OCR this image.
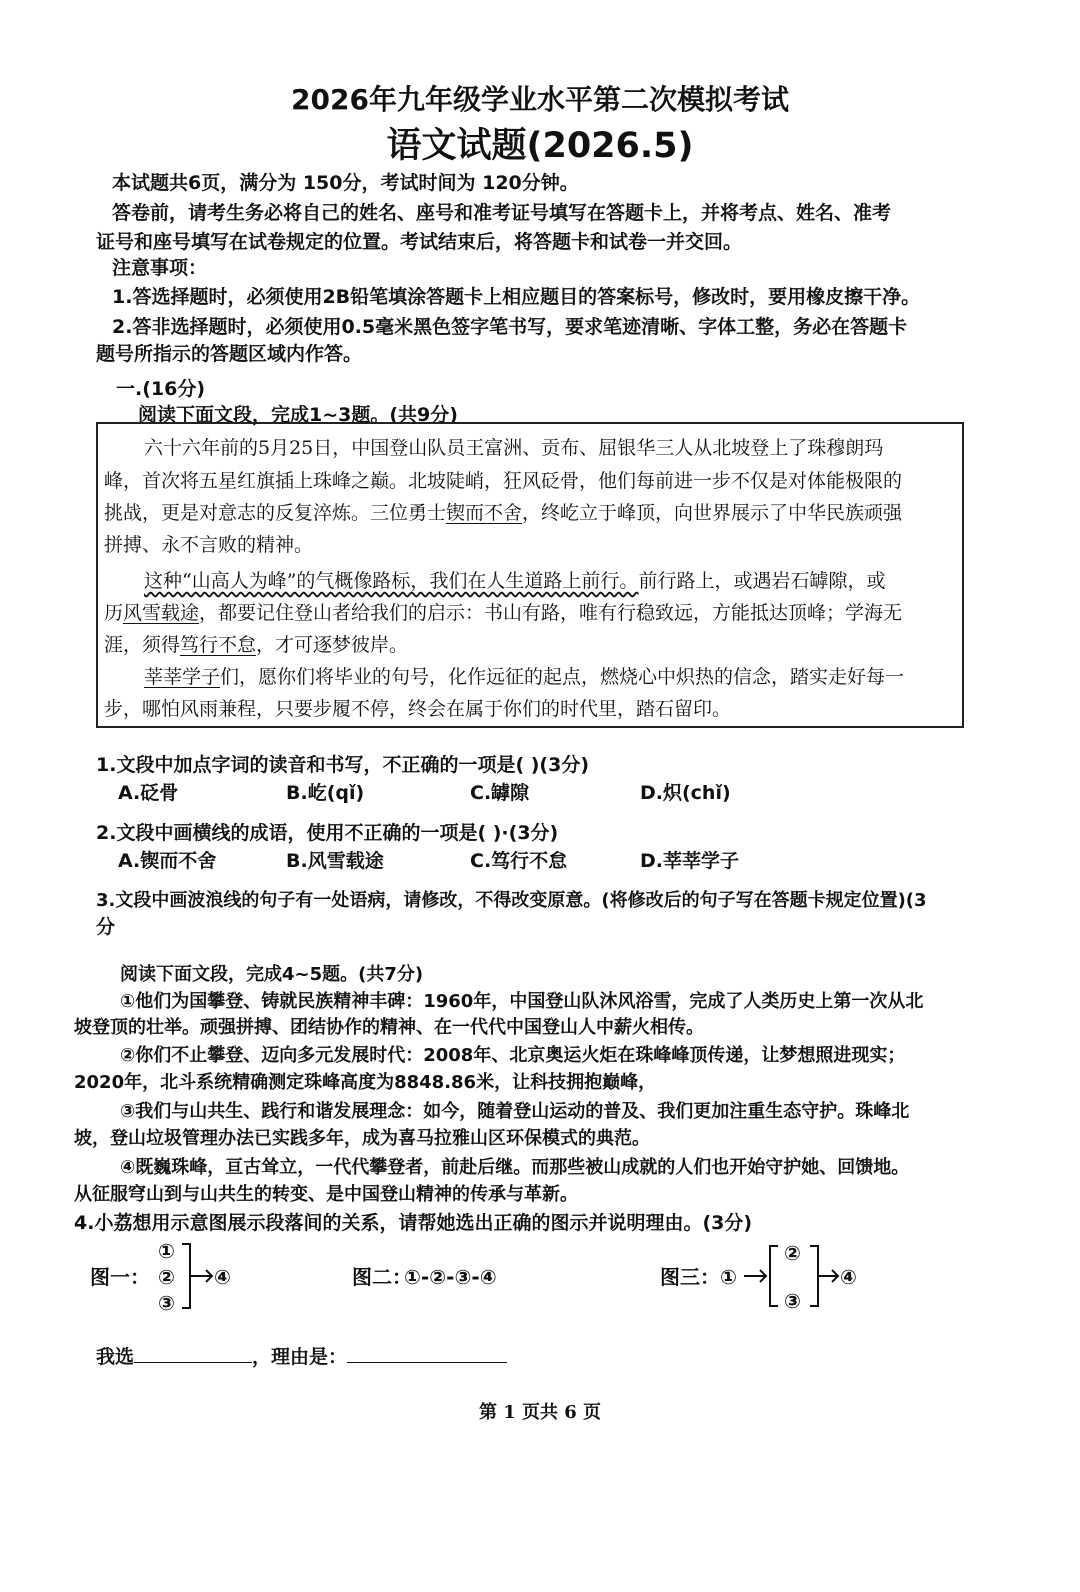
2026年九年级学业水平第二次模拟考试
语文试题(2026.5)
本试题共6页，满分为 150分，考试时间为 120分钟。
答卷前，请考生务必将自己的姓名、座号和准考证号填写在答题卡上，并将考点、姓名、准考
证号和座号填写在试卷规定的位置。考试结束后，将答题卡和试卷一并交回。
注意事项：
1.答选择题时，必须使用2B铅笔填涂答题卡上相应题目的答案标号，修改时，要用橡皮擦干净。
2.答非选择题时，必须使用0.5毫米黑色签字笔书写，要求笔迹清晰、字体工整，务必在答题卡
题号所指示的答题区域内作答。
一.(16分)
阅读下面文段，完成1~3题。(共9分)
六十六年前的5月25日，中国登山队员王富洲、贡布、屈银华三人从北坡登上了珠穆朗玛
峰，首次将五星红旗插上珠峰之巅。北坡陡峭，狂风砭骨，他们每前进一步不仅是对体能极限的
挑战，更是对意志的反复淬炼。三位勇士锲而不舍，终屹立于峰顶，向世界展示了中华民族顽强
拼搏、永不言败的精神。
这种“山高人为峰”的气概像路标，我们在人生道路上前行。前行路上，或遇岩石罅隙，或
历风雪载途，都要记住登山者给我们的启示：书山有路，唯有行稳致远，方能抵达顶峰；学海无
涯，须得笃行不怠，才可逐梦彼岸。
莘莘学子们，愿你们将毕业的句号，化作远征的起点，燃烧心中炽热的信念，踏实走好每一
步，哪怕风雨兼程，只要步履不停，终会在属于你们的时代里，踏石留印。
1.文段中加点字词的读音和书写，不正确的一项是( )(3分)
A.砭骨	B.屹(qǐ)	C.罅隙	D.炽(chǐ)
2.文段中画横线的成语，使用不正确的一项是( )·(3分)
A.锲而不舍	B.风雪载途	C.笃行不怠	D.莘莘学子
3.文段中画波浪线的句子有一处语病，请修改，不得改变原意。(将修改后的句子写在答题卡规定位置)(3
分
阅读下面文段，完成4~5题。(共7分)
①他们为国攀登、铸就民族精神丰碑：1960年，中国登山队沐风浴雪，完成了人类历史上第一次从北
坡登顶的壮举。顽强拼搏、团结协作的精神、在一代代中国登山人中薪火相传。
②你们不止攀登、迈向多元发展时代：2008年、北京奥运火炬在珠峰峰顶传递，让梦想照进现实；
2020年，北斗系统精确测定珠峰高度为8848.86米，让科技拥抱巅峰，
③我们与山共生、践行和谐发展理念：如今，随着登山运动的普及、我们更加注重生态守护。珠峰北
坡，登山垃圾管理办法已实践多年，成为喜马拉雅山区环保模式的典范。
④既巍珠峰，亘古耸立，一代代攀登者，前赴后继。而那些被山成就的人们也开始守护她、回馈地。
从征服穹山到与山共生的转变、是中国登山精神的传承与革新。
4.小荔想用示意图展示段落间的关系，请帮她选出正确的图示并说明理由。(3分)
图一：
①
②
③
④	图二：
①-②-③-④	图三： ①
②
③
④
我选	，理由是：
第 1 页共 6 页
